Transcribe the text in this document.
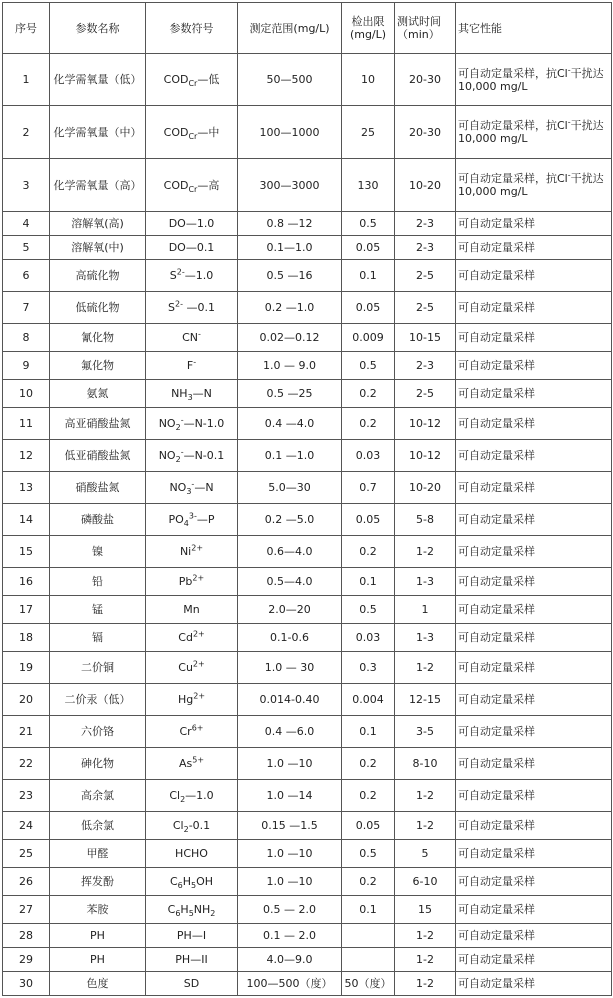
序号	参数名称	参数符号	测定范围(mg/L)	检出限(mg/L)	测试时间（min）	其它性能
1	化学需氧量（低）	$COD_{Cr}—$低	50—500	10	20-30	可自动定量采样，抗Cl-干扰达10,000 mg/L
2	化学需氧量（中）	$COD_{Cr}—$中	100—1000	25	20-30	可自动定量采样，抗Cl-干扰达10,000 mg/L
3	化学需氧量（高）	$COD_{Cr}—$高	300—3000	130	10-20	可自动定量采样，抗Cl-干扰达10,000 mg/L
4	溶解氧(高)	DO—1.0	0.8 —12	0.5	2-3	可自动定量采样
5	溶解氧(中)	DO—0.1	0.1—1.0	0.05	2-3	可自动定量采样
6	高硫化物	$S^{2-}—1.0$	0.5 —16	0.1	2-5	可自动定量采样
7	低硫化物	$S^{2-}$ —0.1	0.2 —1.0	0.05	2-5	可自动定量采样
8	氰化物	CN-	0.02—0.12	0.009	10-15	可自动定量采样
9	氟化物	F-	1.0 — 9.0	0.5	2-3	可自动定量采样
10	氨氮	$NH_3—N$	0.5 —25	0.2	2-5	可自动定量采样
11	高亚硝酸盐氮	$NO_2^-—N-1.0$	0.4 —4.0	0.2	10-12	可自动定量采样
12	低亚硝酸盐氮	$NO_2^-—N-0.1$	0.1 —1.0	0.03	10-12	可自动定量采样
13	硝酸盐氮	$NO_3^-—N$	5.0—30	0.7	10-20	可自动定量采样
14	磷酸盐	$PO_4^{3-}—P$	0.2 —5.0	0.05	5-8	可自动定量采样
15	镍	$Ni^{2+}$	0.6—4.0	0.2	1-2	可自动定量采样
16	铅	$Pb^{2+}$	0.5—4.0	0.1	1-3	可自动定量采样
17	锰	Mn	2.0—20	0.5	1	可自动定量采样
18	镉	$Cd^{2+}$	0.1-0.6	0.03	1-3	可自动定量采样
19	二价铜	$Cu^{2+}$	1.0 — 30	0.3	1-2	可自动定量采样
20	二价汞（低）	$Hg^{2+}$	0.014-0.40	0.004	12-15	可自动定量采样
21	六价铬	$Cr^{6+}$	0.4 —6.0	0.1	3-5	可自动定量采样
22	砷化物	$As^{5+}$	1.0 —10	0.2	8-10	可自动定量采样
23	高余氯	$Cl_2—1.0$	1.0 —14	0.2	1-2	可自动定量采样
24	低余氯	$Cl_2-0.1$	0.15 —1.5	0.05	1-2	可自动定量采样
25	甲醛	HCHO	1.0 —10	0.5	5	可自动定量采样
26	挥发酚	$C_6H_5OH$	1.0 —10	0.2	6-10	可自动定量采样
27	苯胺	$C_6H_5NH_2$	0.5 — 2.0	0.1	15	可自动定量采样
28	PH	PH—I	0.1 — 2.0		1-2	可自动定量采样
29	PH	PH—II	4.0—9.0		1-2	可自动定量采样
30	色度	SD	100—500（度）	50（度）	1-2	可自动定量采样
